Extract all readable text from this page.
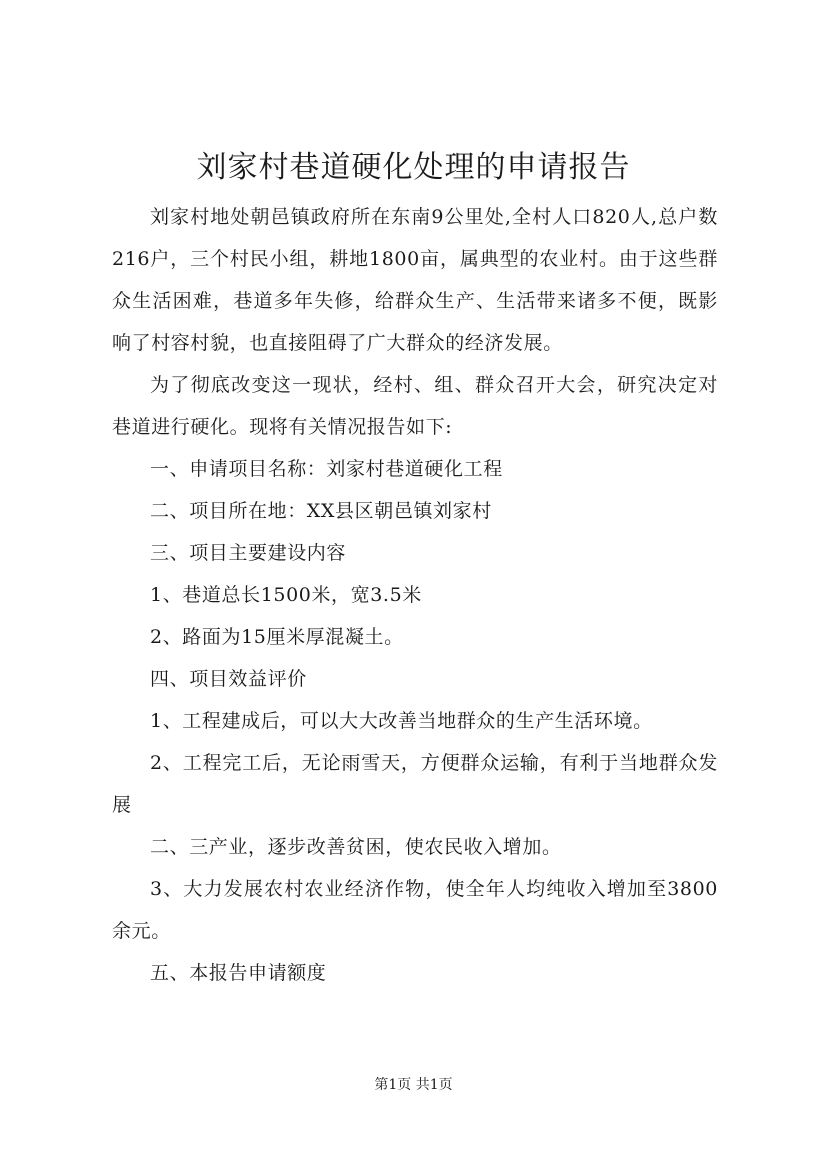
刘家村巷道硬化处理的申请报告

刘家村地处朝邑镇政府所在东南9公里处,全村人口820人,总户数216户，三个村民小组，耕地1800亩，属典型的农业村。由于这些群众生活困难，巷道多年失修，给群众生产、生活带来诸多不便，既影响了村容村貌，也直接阻碍了广大群众的经济发展。

为了彻底改变这一现状，经村、组、群众召开大会，研究决定对巷道进行硬化。现将有关情况报告如下:

一、申请项目名称：刘家村巷道硬化工程

二、项目所在地：XX县区朝邑镇刘家村

三、项目主要建设内容

1、巷道总长1500米，宽3.5米

2、路面为15厘米厚混凝土。

四、项目效益评价

1、工程建成后，可以大大改善当地群众的生产生活环境。

2、工程完工后，无论雨雪天，方便群众运输，有利于当地群众发展

二、三产业，逐步改善贫困，使农民收入增加。

3、大力发展农村农业经济作物，使全年人均纯收入增加至3800余元。

五、本报告申请额度

第1页 共1页
